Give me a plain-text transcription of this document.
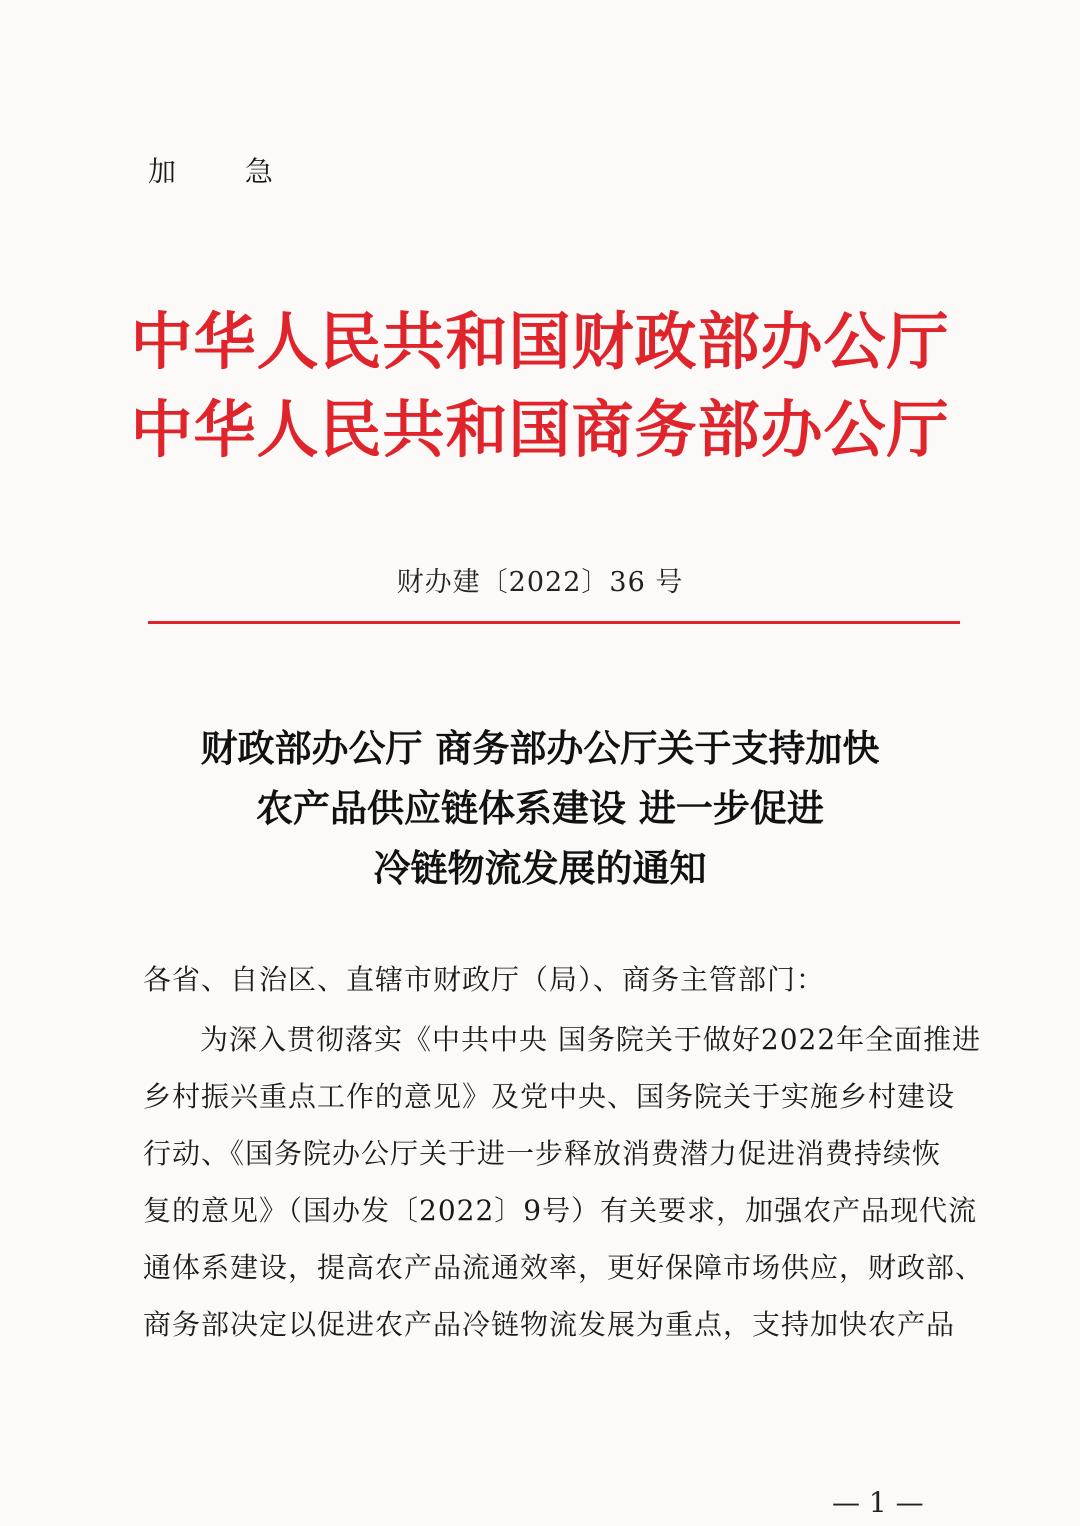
加 急
中华人民共和国财政部办公厅
中华人民共和国商务部办公厅
财办建〔2022〕36 号
财政部办公厅 商务部办公厅关于支持加快
农产品供应链体系建设 进一步促进
冷链物流发展的通知
各省、自治区、直辖市财政厅（局）、商务主管部门：
为深入贯彻落实《中共中央 国务院关于做好2022年全面推进
乡村振兴重点工作的意见》及党中央、国务院关于实施乡村建设
行动、《国务院办公厅关于进一步释放消费潜力促进消费持续恢
复的意见》（国办发〔2022〕9号）有关要求，加强农产品现代流
通体系建设，提高农产品流通效率，更好保障市场供应，财政部、
商务部决定以促进农产品冷链物流发展为重点，支持加快农产品
— 1 —
